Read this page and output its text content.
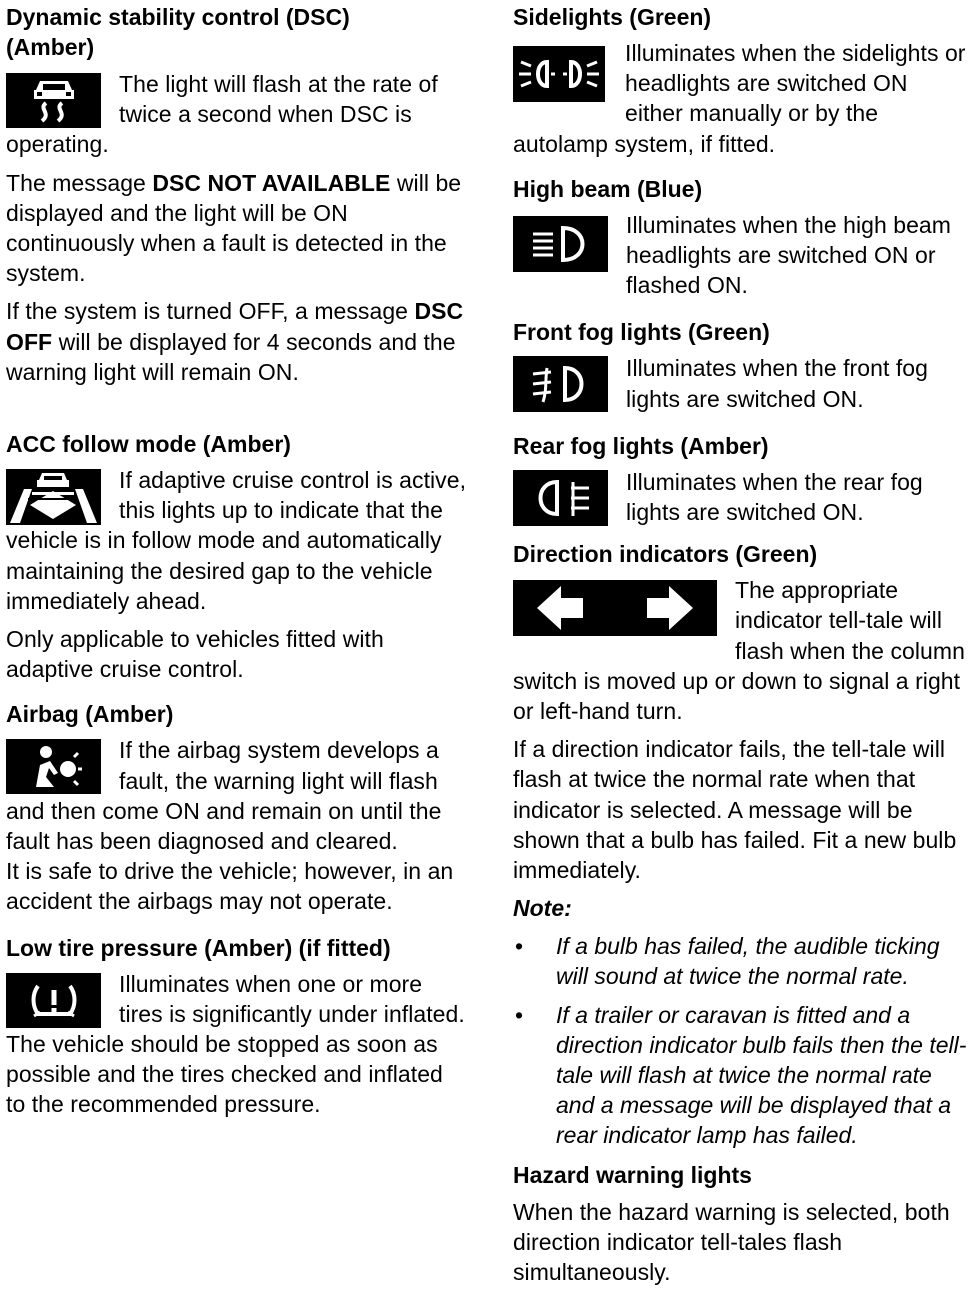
Dynamic stability control (DSC)

(Amber)

The light will flash at the rate of twice a second when DSC is operating.

The message DSC NOT AVAILABLE will be displayed and the light will be ON continuously when a fault is detected in the system.

If the system is turned OFF, a message DSC OFF will be displayed for 4 seconds and the warning light will remain ON.

ACC follow mode (Amber)

If adaptive cruise control is active, this lights up to indicate that the vehicle is in follow mode and automatically maintaining the desired gap to the vehicle immediately ahead.

Only applicable to vehicles fitted with adaptive cruise control.

Airbag (Amber)

If the airbag system develops a fault, the warning light will flash and then come ON and remain on until the fault has been diagnosed and cleared.

It is safe to drive the vehicle; however, in an accident the airbags may not operate.

Low tire pressure (Amber) (if fitted)

Illuminates when one or more tires is significantly under inflated. The vehicle should be stopped as soon as possible and the tires checked and inflated to the recommended pressure.

Sidelights (Green)

Illuminates when the sidelights or headlights are switched ON either manually or by the autolamp system, if fitted.

High beam (Blue)

Illuminates when the high beam headlights are switched ON or flashed ON.

Front fog lights (Green)

Illuminates when the front fog lights are switched ON.

Rear fog lights (Amber)

Illuminates when the rear fog lights are switched ON.

Direction indicators (Green)

The appropriate indicator tell-tale will flash when the column switch is moved up or down to signal a right or left-hand turn.

If a direction indicator fails, the tell-tale will flash at twice the normal rate when that indicator is selected. A message will be shown that a bulb has failed. Fit a new bulb immediately.

Note:

• If a bulb has failed, the audible ticking will sound at twice the normal rate.
• If a trailer or caravan is fitted and a direction indicator bulb fails then the tell-tale will flash at twice the normal rate and a message will be displayed that a rear indicator lamp has failed.

Hazard warning lights

When the hazard warning is selected, both direction indicator tell-tales flash simultaneously.
